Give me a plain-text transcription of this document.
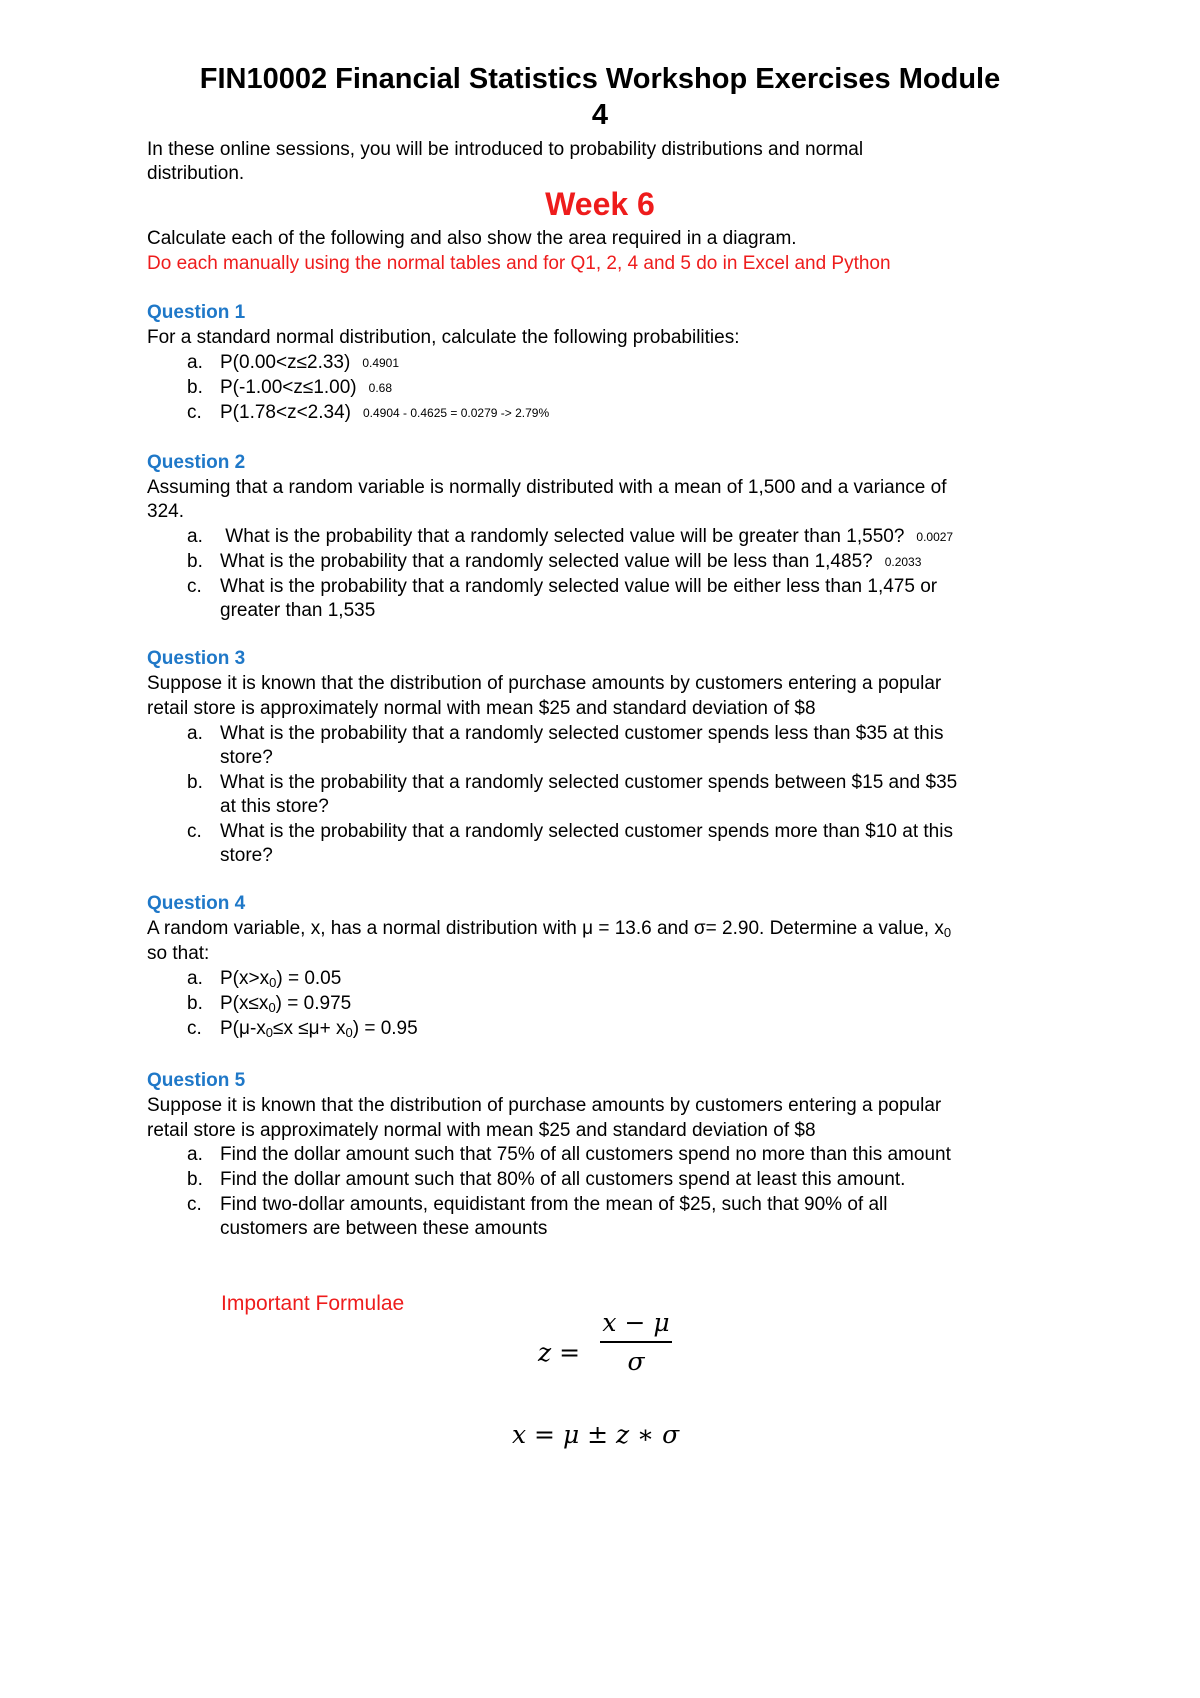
FIN10002 Financial Statistics Workshop Exercises Module
4
In these online sessions, you will be introduced to probability distributions and normal
distribution.
Week 6
Calculate each of the following and also show the area required in a diagram.
Do each manually using the normal tables and for Q1, 2, 4 and 5 do in Excel and Python
Question 1
For a standard normal distribution, calculate the following probabilities:
a. P(0.00<z≤2.33) 0.4901
b. P(-1.00<z≤1.00) 0.68
c. P(1.78<z<2.34) 0.4904 - 0.4625 = 0.0279 -> 2.79%
Question 2
Assuming that a random variable is normally distributed with a mean of 1,500 and a variance of
324.
a. What is the probability that a randomly selected value will be greater than 1,550? 0.0027
b. What is the probability that a randomly selected value will be less than 1,485? 0.2033
c. What is the probability that a randomly selected value will be either less than 1,475 or
greater than 1,535
Question 3
Suppose it is known that the distribution of purchase amounts by customers entering a popular
retail store is approximately normal with mean $25 and standard deviation of $8
a. What is the probability that a randomly selected customer spends less than $35 at this
store?
b. What is the probability that a randomly selected customer spends between $15 and $35
at this store?
c. What is the probability that a randomly selected customer spends more than $10 at this
store?
Question 4
A random variable, x, has a normal distribution with μ = 13.6 and σ= 2.90. Determine a value, $x_0$
so that:
a. $P(x>x_0) = 0.05$
b. $P(x\le x_0) = 0.975$
c. $P(\mu-x_0\le x \le\mu+ x_0) = 0.95$
Question 5
Suppose it is known that the distribution of purchase amounts by customers entering a popular
retail store is approximately normal with mean $25 and standard deviation of $8
a. Find the dollar amount such that 75% of all customers spend no more than this amount
b. Find the dollar amount such that 80% of all customers spend at least this amount.
c. Find two-dollar amounts, equidistant from the mean of $25, such that 90% of all
customers are between these amounts
Important Formulae
z =
x − μ
σ
x = μ ± z ∗ σ
